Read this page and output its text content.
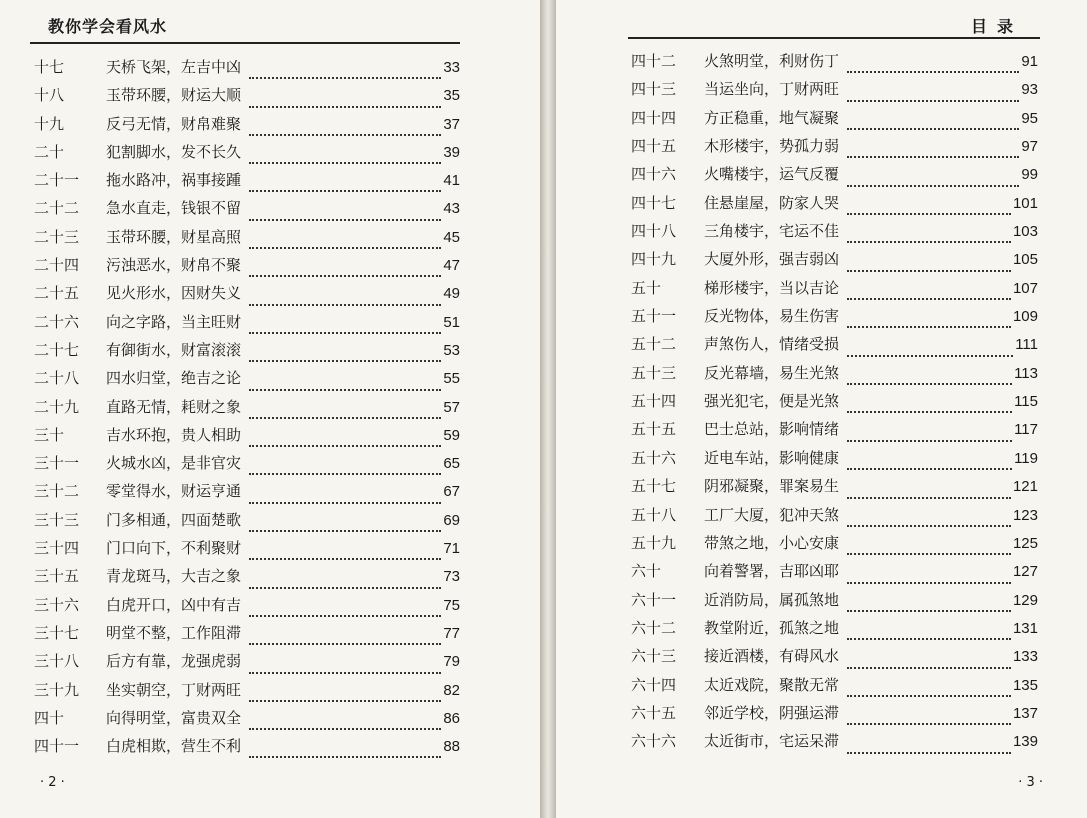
教你学会看风水
十七	天桥飞架，左吉中凶	33
十八	玉带环腰，财运大顺	35
十九	反弓无情，财帛难聚	37
二十	犯割脚水，发不长久	39
二十一	拖水路冲，祸事接踵	41
二十二	急水直走，钱银不留	43
二十三	玉带环腰，财星高照	45
二十四	污浊恶水，财帛不聚	47
二十五	见火形水，因财失义	49
二十六	向之字路，当主旺财	51
二十七	有御街水，财富滚滚	53
二十八	四水归堂，绝吉之论	55
二十九	直路无情，耗财之象	57
三十	吉水环抱，贵人相助	59
三十一	火城水凶，是非官灾	65
三十二	零堂得水，财运亨通	67
三十三	门多相通，四面楚歌	69
三十四	门口向下，不利聚财	71
三十五	青龙斑马，大吉之象	73
三十六	白虎开口，凶中有吉	75
三十七	明堂不整，工作阻滞	77
三十八	后方有靠，龙强虎弱	79
三十九	坐实朝空，丁财两旺	82
四十	向得明堂，富贵双全	86
四十一	白虎相欺，营生不利	88
· 2 ·
目录
四十二	火煞明堂，利财伤丁	91
四十三	当运坐向，丁财两旺	93
四十四	方正稳重，地气凝聚	95
四十五	木形楼宇，势孤力弱	97
四十六	火嘴楼宇，运气反覆	99
四十七	住悬崖屋，防家人哭	101
四十八	三角楼宇，宅运不佳	103
四十九	大厦外形，强吉弱凶	105
五十	梯形楼宇，当以吉论	107
五十一	反光物体，易生伤害	109
五十二	声煞伤人，情绪受损	111
五十三	反光幕墙，易生光煞	113
五十四	强光犯宅，便是光煞	115
五十五	巴士总站，影响情绪	117
五十六	近电车站，影响健康	119
五十七	阴邪凝聚，罪案易生	121
五十八	工厂大厦，犯冲天煞	123
五十九	带煞之地，小心安康	125
六十	向着警署，吉耶凶耶	127
六十一	近消防局，属孤煞地	129
六十二	教堂附近，孤煞之地	131
六十三	接近酒楼，有碍风水	133
六十四	太近戏院，聚散无常	135
六十五	邻近学校，阴强运滞	137
六十六	太近街市，宅运呆滞	139
· 3 ·
